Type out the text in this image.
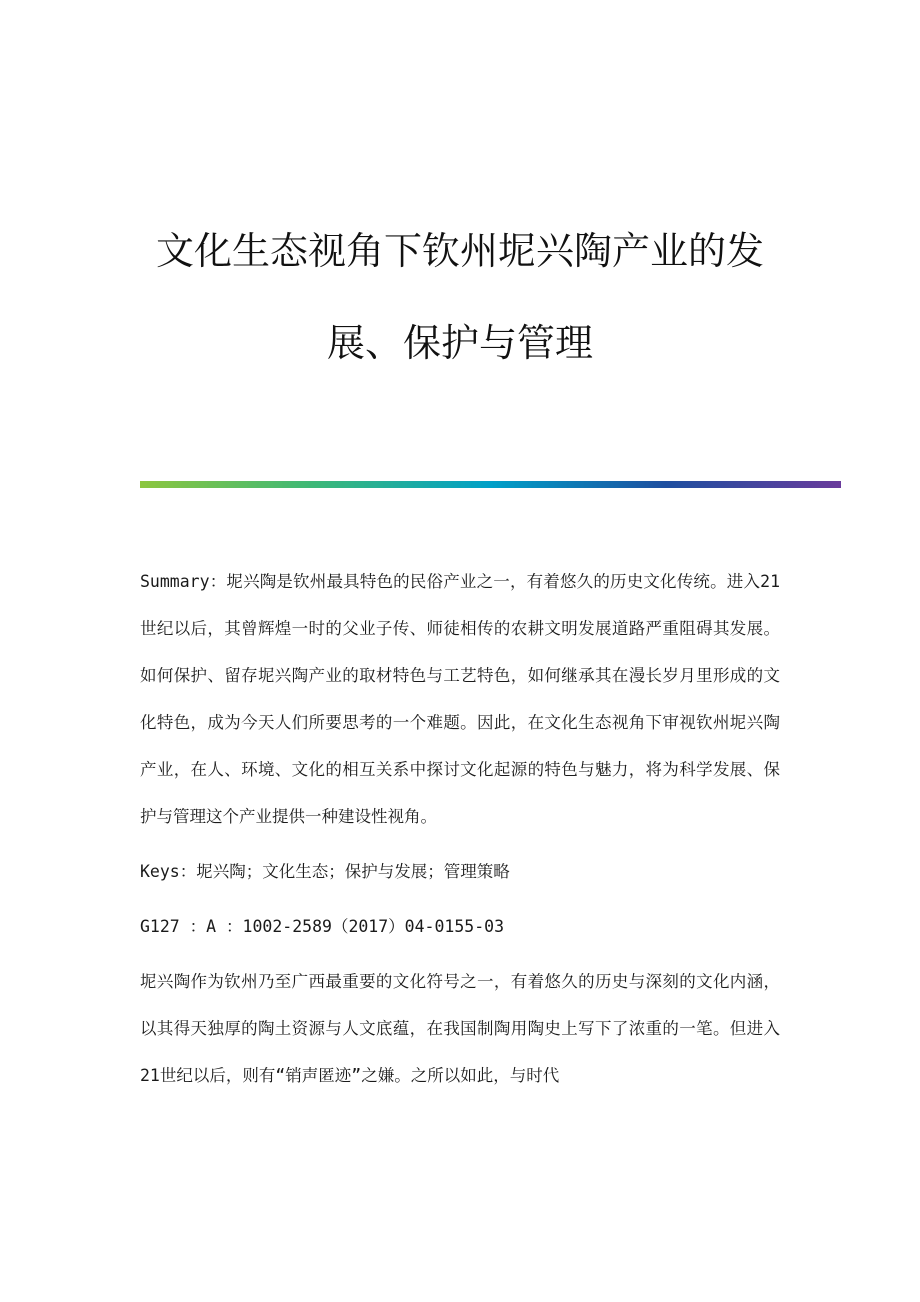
文化生态视角下钦州坭兴陶产业的发
展、保护与管理

Summary：坭兴陶是钦州最具特色的民俗产业之一，有着悠久的历史文化传统。进入21世纪以后，其曾辉煌一时的父业子传、师徒相传的农耕文明发展道路严重阻碍其发展。如何保护、留存坭兴陶产业的取材特色与工艺特色，如何继承其在漫长岁月里形成的文化特色，成为今天人们所要思考的一个难题。因此，在文化生态视角下审视钦州坭兴陶产业，在人、环境、文化的相互关系中探讨文化起源的特色与魅力，将为科学发展、保护与管理这个产业提供一种建设性视角。

Keys：坭兴陶；文化生态；保护与发展；管理策略

G127 ：A ：1002-2589（2017）04-0155-03

坭兴陶作为钦州乃至广西最重要的文化符号之一，有着悠久的历史与深刻的文化内涵，以其得天独厚的陶土资源与人文底蕴，在我国制陶用陶史上写下了浓重的一笔。但进入21世纪以后，则有“销声匿迹”之嫌。之所以如此，与时代
